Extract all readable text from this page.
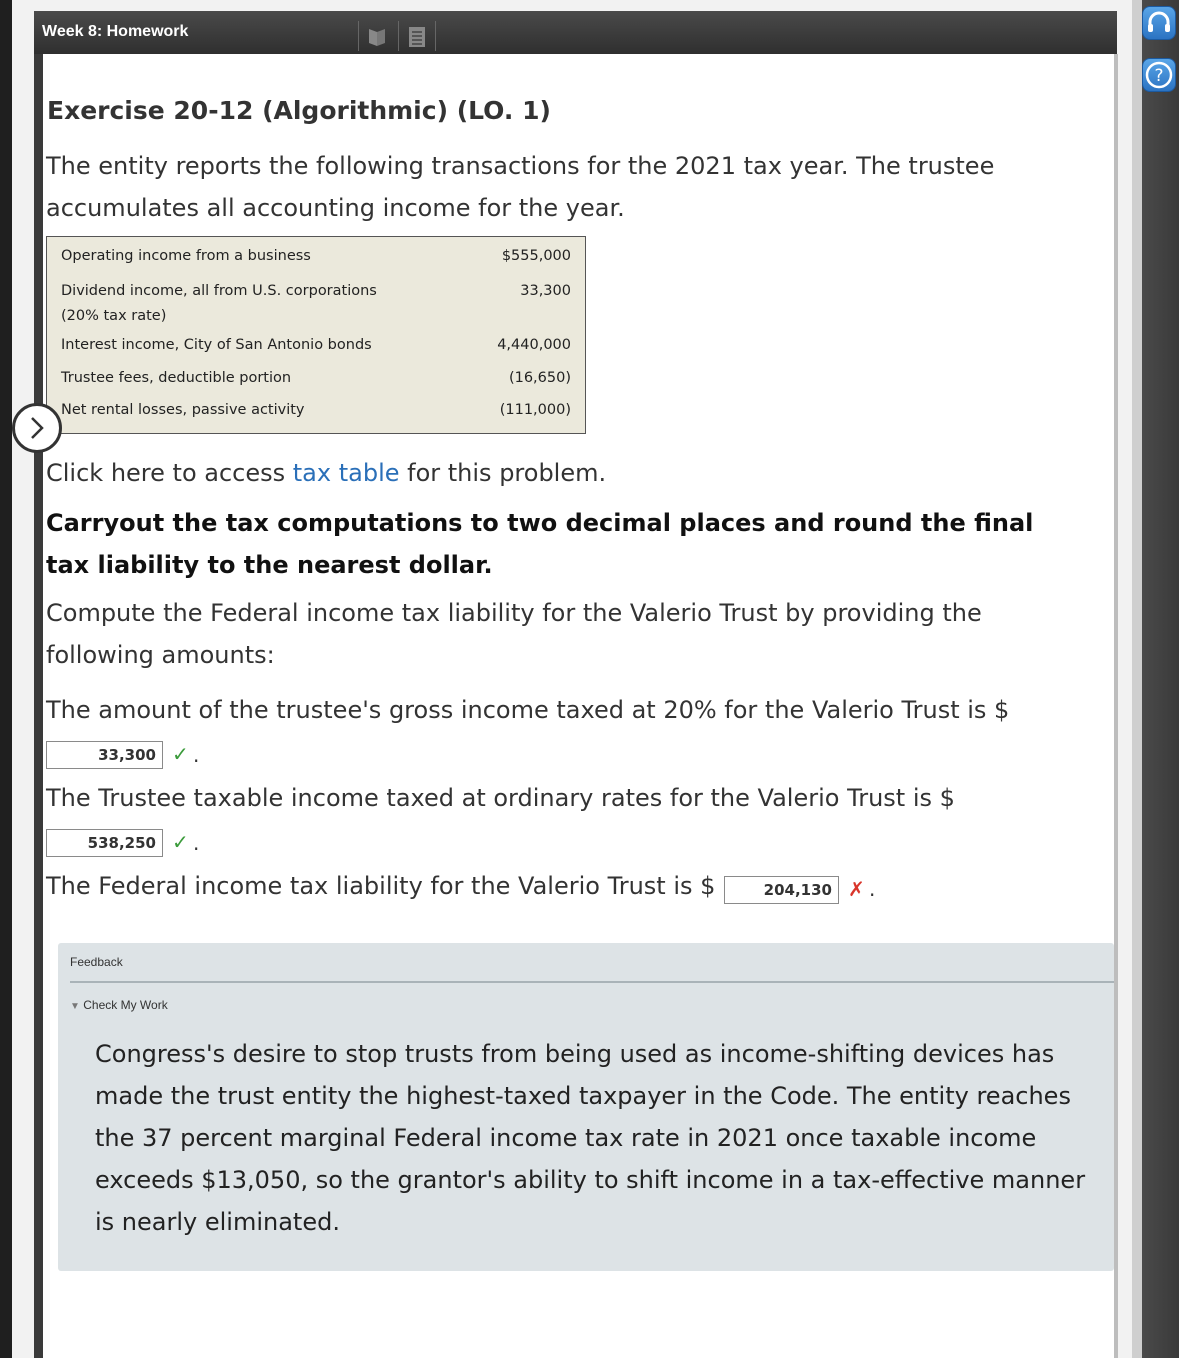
?
Week 8: Homework
Exercise 20-12 (Algorithmic) (LO. 1)

The entity reports the following transactions for the 2021 tax year. The trustee accumulates all accounting income for the year.

Operating income from a business	$555,000
Dividend income, all from U.S. corporations
(20% tax rate)	33,300
Interest income, City of San Antonio bonds	4,440,000
Trustee fees, deductible portion	(16,650)
Net rental losses, passive activity	(111,000)

Click here to access tax table for this problem.

Carryout the tax computations to two decimal places and round the final tax liability to the nearest dollar.

Compute the Federal income tax liability for the Valerio Trust by providing the following amounts:

The amount of the trustee's gross income taxed at 20% for the Valerio Trust is $

33,300 ✓ .

The Trustee taxable income taxed at ordinary rates for the Valerio Trust is $

538,250 ✓ .

The Federal income tax liability for the Valerio Trust is $	204,130 ✗ .
Feedback
▼ Check My Work

Congress's desire to stop trusts from being used as income-shifting devices has made the trust entity the highest-taxed taxpayer in the Code. The entity reaches the 37 percent marginal Federal income tax rate in 2021 once taxable income exceeds $13,050, so the grantor's ability to shift income in a tax-effective manner is nearly eliminated.
